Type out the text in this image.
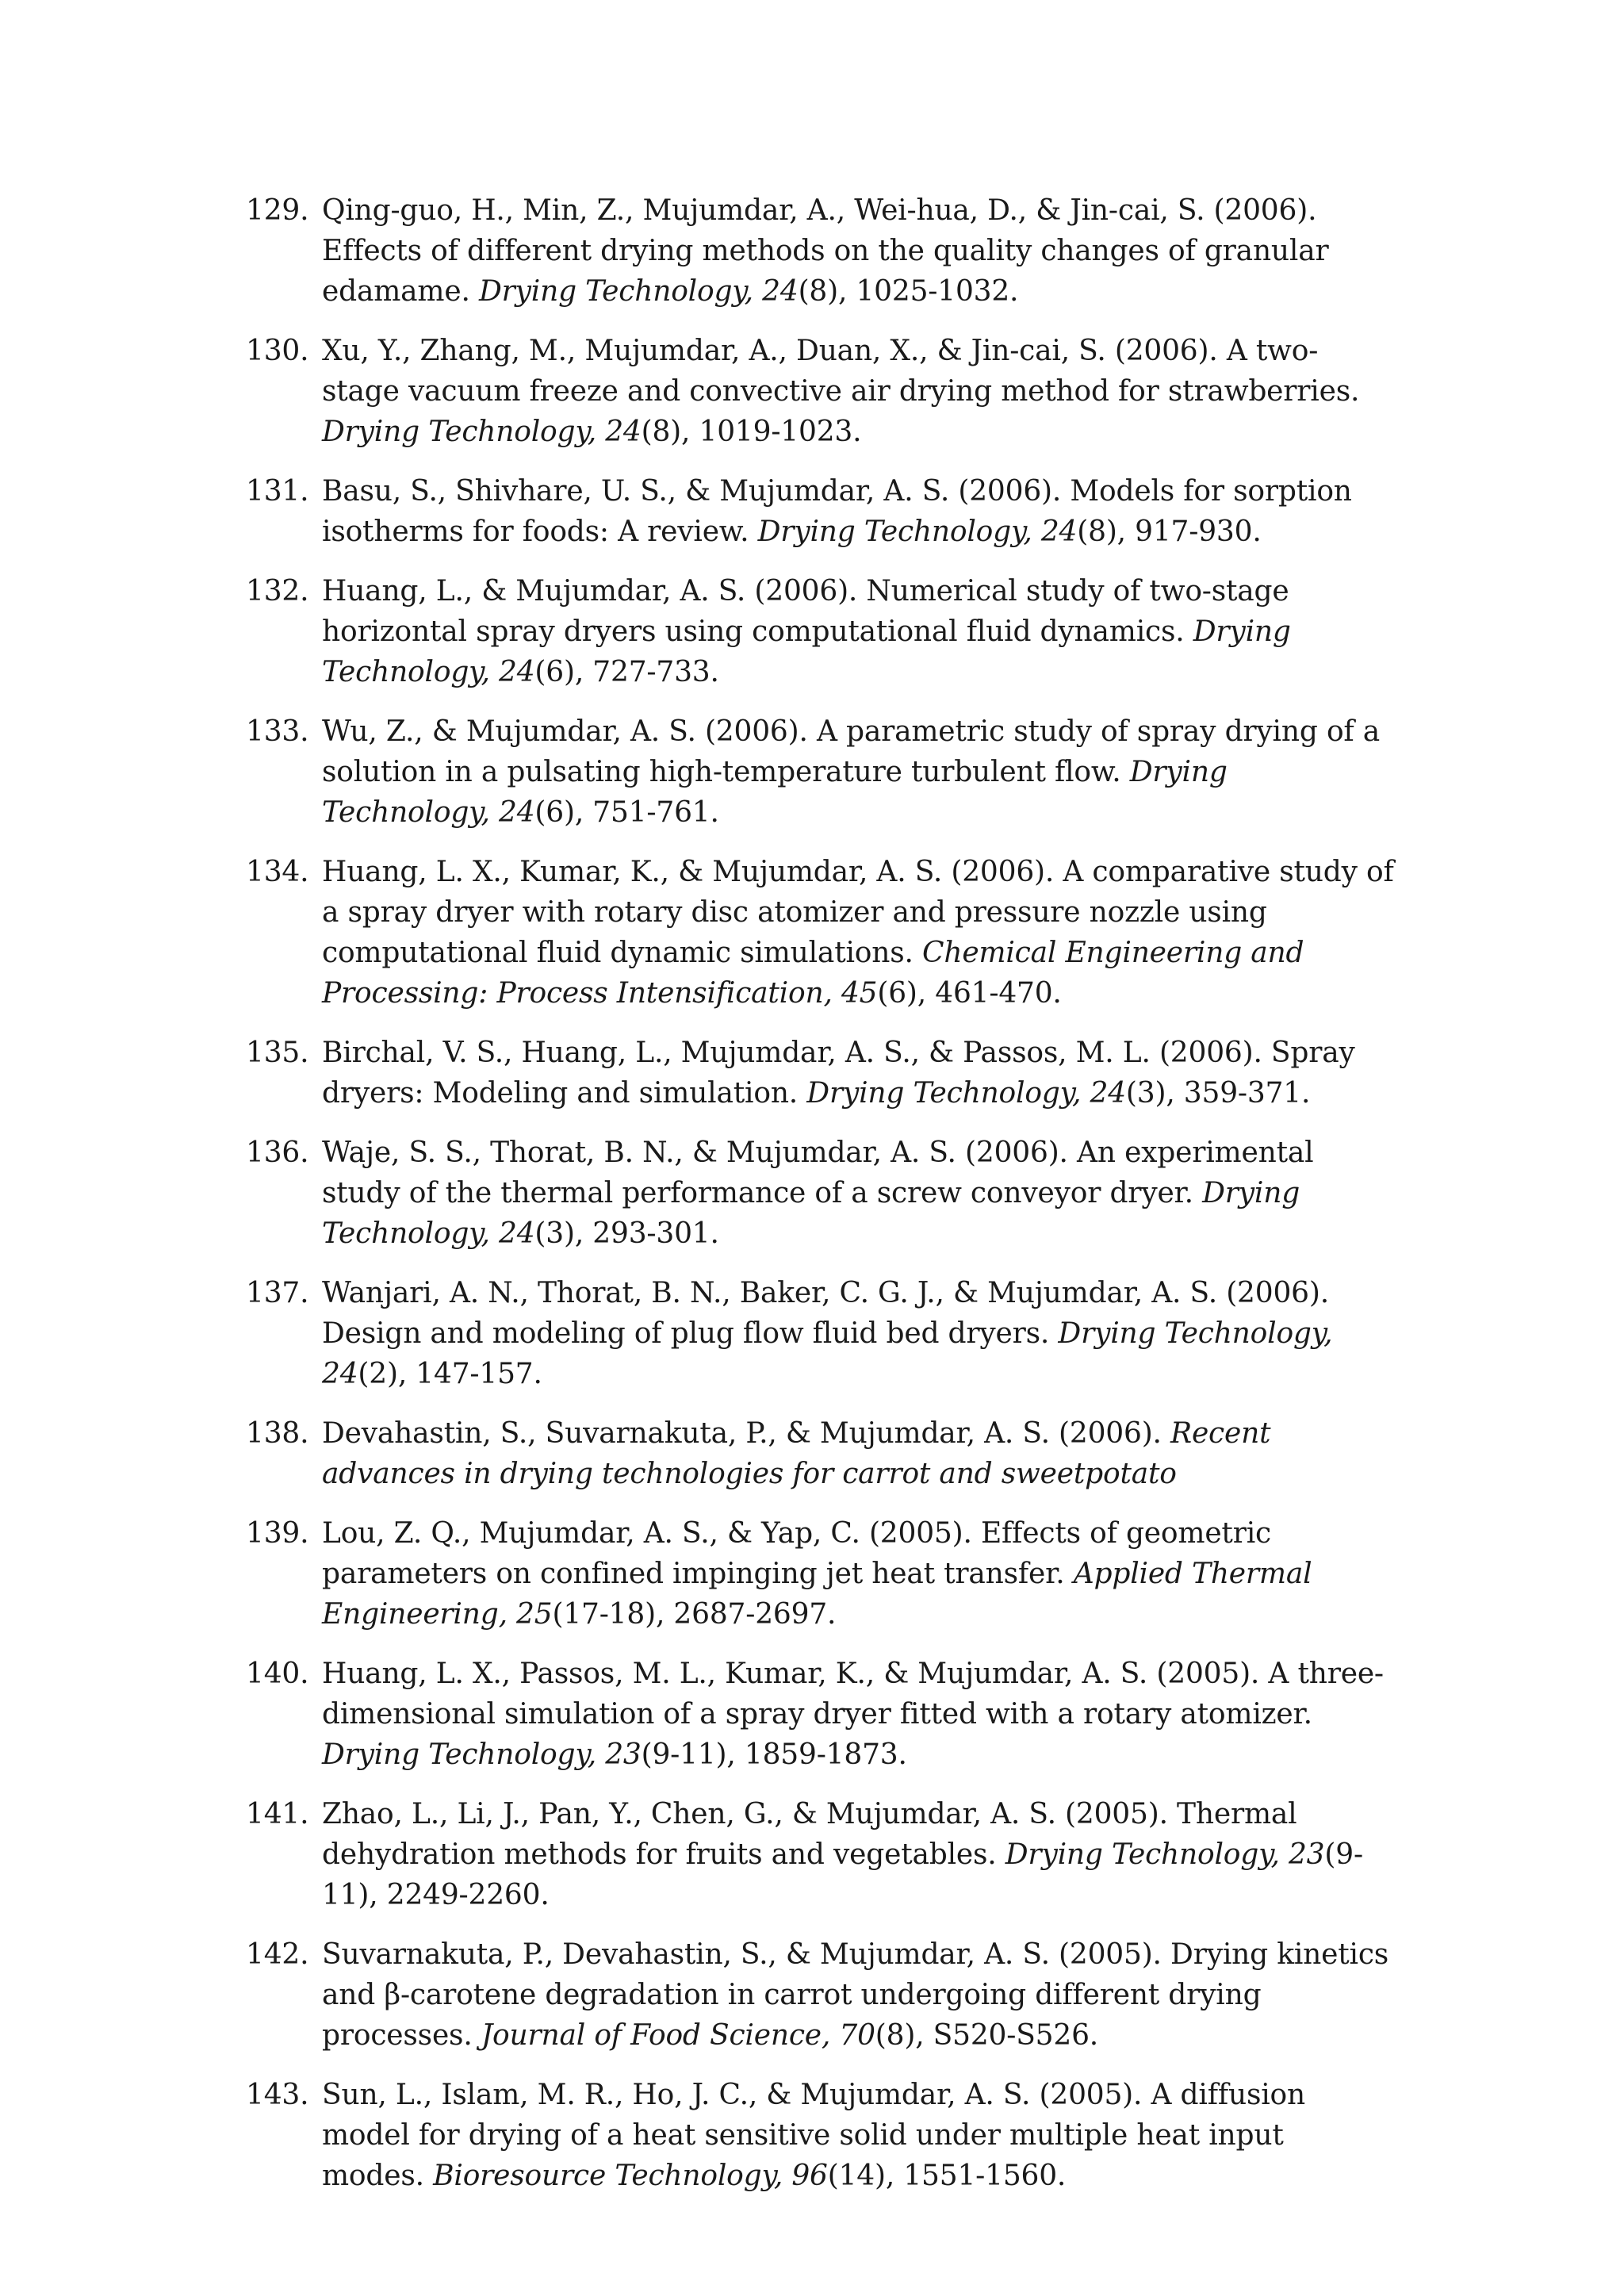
129. Qing-guo, H., Min, Z., Mujumdar, A., Wei-hua, D., & Jin-cai, S. (2006). Effects of different drying methods on the quality changes of granular edamame. Drying Technology, 24(8), 1025-1032.
130. Xu, Y., Zhang, M., Mujumdar, A., Duan, X., & Jin-cai, S. (2006). A two-stage vacuum freeze and convective air drying method for strawberries. Drying Technology, 24(8), 1019-1023.
131. Basu, S., Shivhare, U. S., & Mujumdar, A. S. (2006). Models for sorption isotherms for foods: A review. Drying Technology, 24(8), 917-930.
132. Huang, L., & Mujumdar, A. S. (2006). Numerical study of two-stage horizontal spray dryers using computational fluid dynamics. Drying Technology, 24(6), 727-733.
133. Wu, Z., & Mujumdar, A. S. (2006). A parametric study of spray drying of a solution in a pulsating high-temperature turbulent flow. Drying Technology, 24(6), 751-761.
134. Huang, L. X., Kumar, K., & Mujumdar, A. S. (2006). A comparative study of a spray dryer with rotary disc atomizer and pressure nozzle using computational fluid dynamic simulations. Chemical Engineering and Processing: Process Intensification, 45(6), 461-470.
135. Birchal, V. S., Huang, L., Mujumdar, A. S., & Passos, M. L. (2006). Spray dryers: Modeling and simulation. Drying Technology, 24(3), 359-371.
136. Waje, S. S., Thorat, B. N., & Mujumdar, A. S. (2006). An experimental study of the thermal performance of a screw conveyor dryer. Drying Technology, 24(3), 293-301.
137. Wanjari, A. N., Thorat, B. N., Baker, C. G. J., & Mujumdar, A. S. (2006). Design and modeling of plug flow fluid bed dryers. Drying Technology, 24(2), 147-157.
138. Devahastin, S., Suvarnakuta, P., & Mujumdar, A. S. (2006). Recent advances in drying technologies for carrot and sweetpotato
139. Lou, Z. Q., Mujumdar, A. S., & Yap, C. (2005). Effects of geometric parameters on confined impinging jet heat transfer. Applied Thermal Engineering, 25(17-18), 2687-2697.
140. Huang, L. X., Passos, M. L., Kumar, K., & Mujumdar, A. S. (2005). A three-dimensional simulation of a spray dryer fitted with a rotary atomizer. Drying Technology, 23(9-11), 1859-1873.
141. Zhao, L., Li, J., Pan, Y., Chen, G., & Mujumdar, A. S. (2005). Thermal dehydration methods for fruits and vegetables. Drying Technology, 23(9-11), 2249-2260.
142. Suvarnakuta, P., Devahastin, S., & Mujumdar, A. S. (2005). Drying kinetics and β-carotene degradation in carrot undergoing different drying processes. Journal of Food Science, 70(8), S520-S526.
143. Sun, L., Islam, M. R., Ho, J. C., & Mujumdar, A. S. (2005). A diffusion model for drying of a heat sensitive solid under multiple heat input modes. Bioresource Technology, 96(14), 1551-1560.
